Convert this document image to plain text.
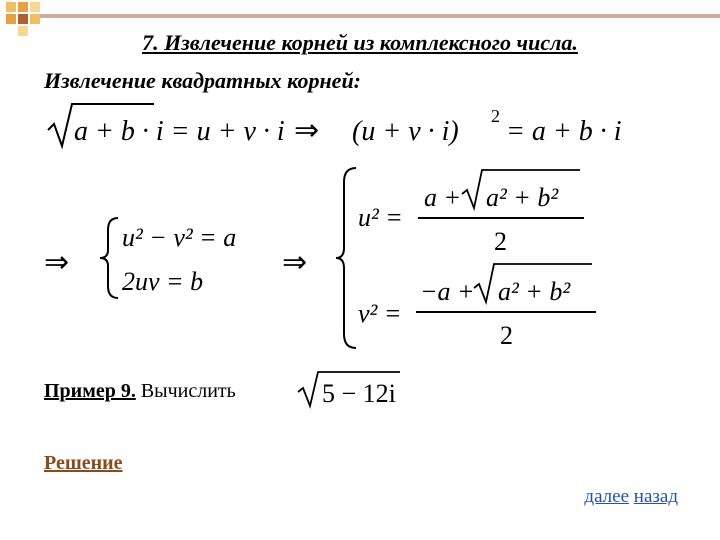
7. Извлечение корней из комплексного числа.
Извлечение квадратных корней:
a + b · i = u + v · i ⇒ (u + v · i) 2 = a + b · i
⇒
u² − v² = a
2uv = b
⇒
u² =
a + a² + b²
2
v² =
−a + a² + b²
2
Пример 9. Вычислить	5 − 12i
Решение
далее назад
